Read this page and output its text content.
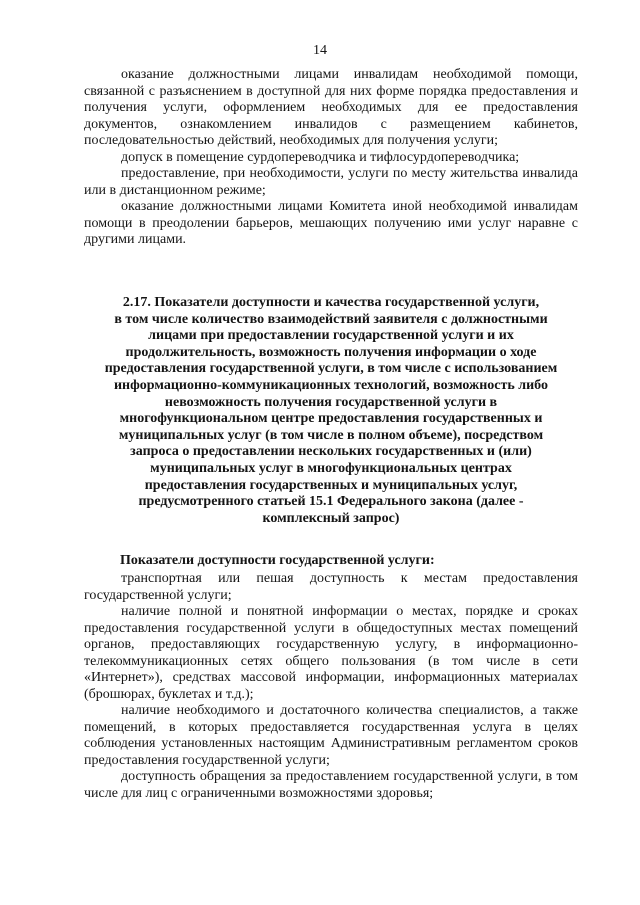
14

оказание должностными лицами инвалидам необходимой помощи, связанной с разъяснением в доступной для них форме порядка предоставления и получения услуги, оформлением необходимых для ее предоставления документов, ознакомлением инвалидов с размещением кабинетов, последовательностью действий, необходимых для получения услуги;

допуск в помещение сурдопереводчика и тифлосурдопереводчика;

предоставление, при необходимости, услуги по месту жительства инвалида или в дистанционном режиме;

оказание должностными лицами Комитета иной необходимой инвалидам помощи в преодолении барьеров, мешающих получению ими услуг наравне с другими лицами.

2.17. Показатели доступности и качества государственной услуги,
в том числе количество взаимодействий заявителя с должностными
лицами при предоставлении государственной услуги и их
продолжительность, возможность получения информации о ходе
предоставления государственной услуги, в том числе с использованием
информационно-коммуникационных технологий, возможность либо
невозможность получения государственной услуги в
многофункциональном центре предоставления государственных и
муниципальных услуг (в том числе в полном объеме), посредством
запроса о предоставлении нескольких государственных и (или)
муниципальных услуг в многофункциональных центрах
предоставления государственных и муниципальных услуг,
предусмотренного статьей 15.1 Федерального закона (далее -
комплексный запрос)

Показатели доступности государственной услуги:

транспортная или пешая доступность к местам предоставления государственной услуги;

наличие полной и понятной информации о местах, порядке и сроках предоставления государственной услуги в общедоступных местах помещений органов, предоставляющих государственную услугу, в информационно-телекоммуникационных сетях общего пользования (в том числе в сети «Интернет»), средствах массовой информации, информационных материалах (брошюрах, буклетах и т.д.);

наличие необходимого и достаточного количества специалистов, а также помещений, в которых предоставляется государственная услуга в целях соблюдения установленных настоящим Административным регламентом сроков предоставления государственной услуги;

доступность обращения за предоставлением государственной услуги, в том числе для лиц с ограниченными возможностями здоровья;
